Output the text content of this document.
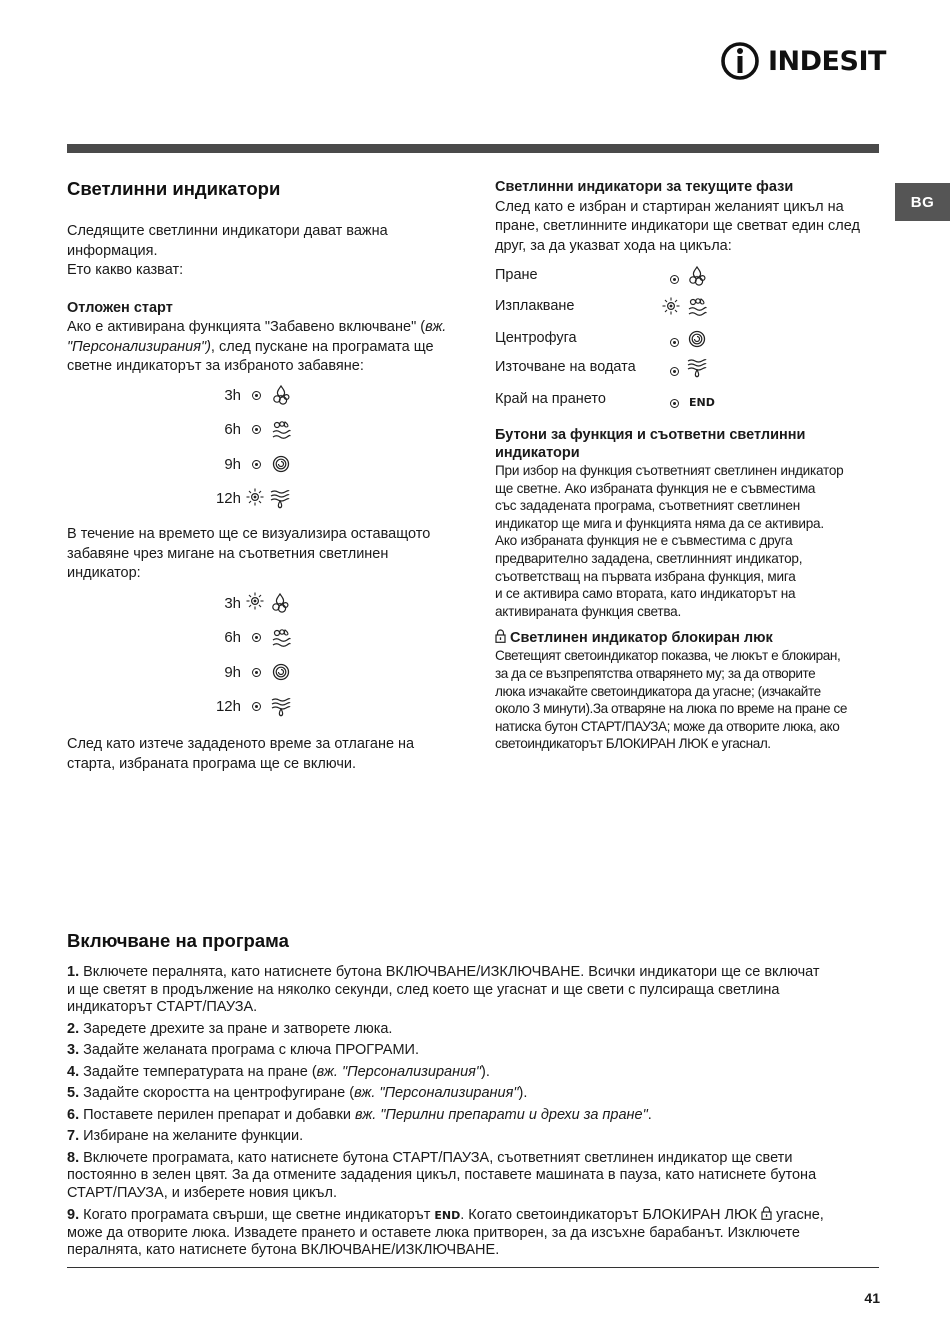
INDESIT
BG
Светлинни индикатори

Следящите светлинни индикатори дават важна

информация.

Ето какво казват:

Отложен старт

Ако е активирана функцията "Забавено включване" (вж.

"Персонализирания"), след пускане на програмата ще

светне индикаторът за избраното забавяне:

3h
6h
9h
12h

В течение на времето ще се визуализира оставащото

забавяне чрез мигане на съответния светлинен

индикатор:

3h
6h
9h
12h

След като изтече зададеното време за отлагане на

старта, избраната програма ще се включи.

Светлинни индикатори за текущите фази

След като е избран и стартиран желаният цикъл на

пране, светлинните индикатори ще светват един след

друг, за да указват хода на цикъла:

Пране
Изплакване
Центрофуга
Източване на водата
Край на прането	$_{END}$

Бутони за функция и съответни светлинни

индикатори

При избор на функция съответният светлинен индикатор

ще светне. Ако избраната функция не е съвместима

със зададената програма, съответният светлинен

индикатор ще мига и функцията няма да се активира.

Ако избраната функция не е съвместима с друга

предварително зададена, светлинният индикатор,

съответстващ на първата избрана функция, мига

и се активира само втората, като индикаторът на

активираната функция светва.

Светлинен индикатор блокиран люк

Светещият светоиндикатор показва, че люкът е блокиран,

за да се възпрепятства отварянето му; за да отворите

люка изчакайте светоиндикатора да угасне; (изчакайте

около 3 минути).За отваряне на люка по време на пране се

натиска бутон СТАРТ/ПАУЗА; може да отворите люка, ако

светоиндикаторът БЛОКИРАН ЛЮК е угаснал.

Включване на програма
1. Включете пералнята, като натиснете бутона ВКЛЮЧВАНЕ/ИЗКЛЮЧВАНЕ. Всички индикатори ще се включат
и ще светят в продължение на няколко секунди, след което ще угаснат и ще свети с пулсираща светлина
индикаторът СТАРТ/ПАУЗА.
2. Заредете дрехите за пране и затворете люка.
3. Задайте желаната програма с ключа ПРОГРАМИ.
4. Задайте температурата на пране (вж. "Персонализирания").
5. Задайте скоростта на центрофугиране (вж. "Персонализирания").
6. Поставете перилен препарат и добавки вж. "Перилни препарати и дрехи за пране".
7. Избиране на желаните функции.
8. Включете програмата, като натиснете бутона СТАРТ/ПАУЗА, съответният светлинен индикатор ще свети
постоянно в зелен цвят. За да отмените зададения цикъл, поставете машината в пауза, като натиснете бутона
СТАРТ/ПАУЗА, и изберете новия цикъл.
9. Когато програмата свърши, ще светне индикаторът END. Когато светоиндикаторът БЛОКИРАН ЛЮК  угасне,
може да отворите люка. Извадете прането и оставете люка притворен, за да изсъхне барабанът. Изключете
пералнята, като натиснете бутона ВКЛЮЧВАНЕ/ИЗКЛЮЧВАНЕ.
41
